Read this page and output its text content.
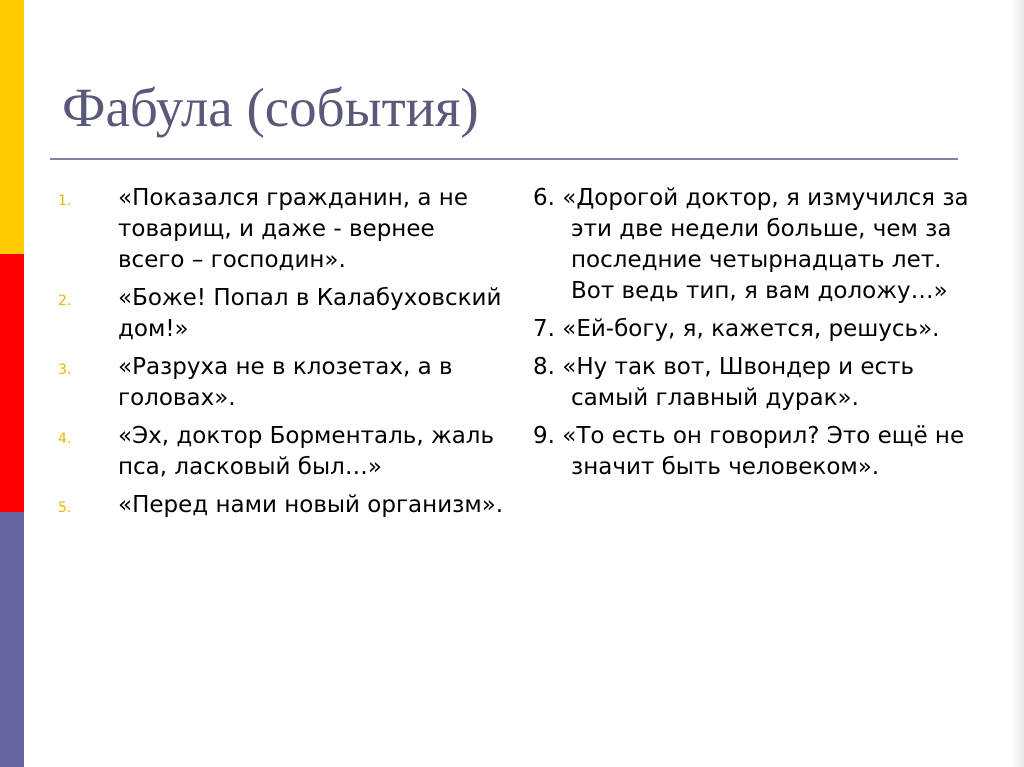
Фабула (события)
1.	«Показался гражданин, а не товарищ, и даже - вернее всего – господин».
2.	«Боже! Попал в Калабуховский дом!»
3.	«Разруха не в клозетах, а в головах».
4.	«Эх, доктор Борменталь, жаль пса, ласковый был…»
5.	«Перед нами новый организм».
6. «Дорогой доктор, я измучился за эти две недели больше, чем за последние четырнадцать лет. Вот ведь тип, я вам доложу…»
7. «Ей-богу, я, кажется, решусь».
8. «Ну так вот, Швондер и есть самый главный дурак».
9. «То есть он говорил? Это ещё не значит быть человеком».
